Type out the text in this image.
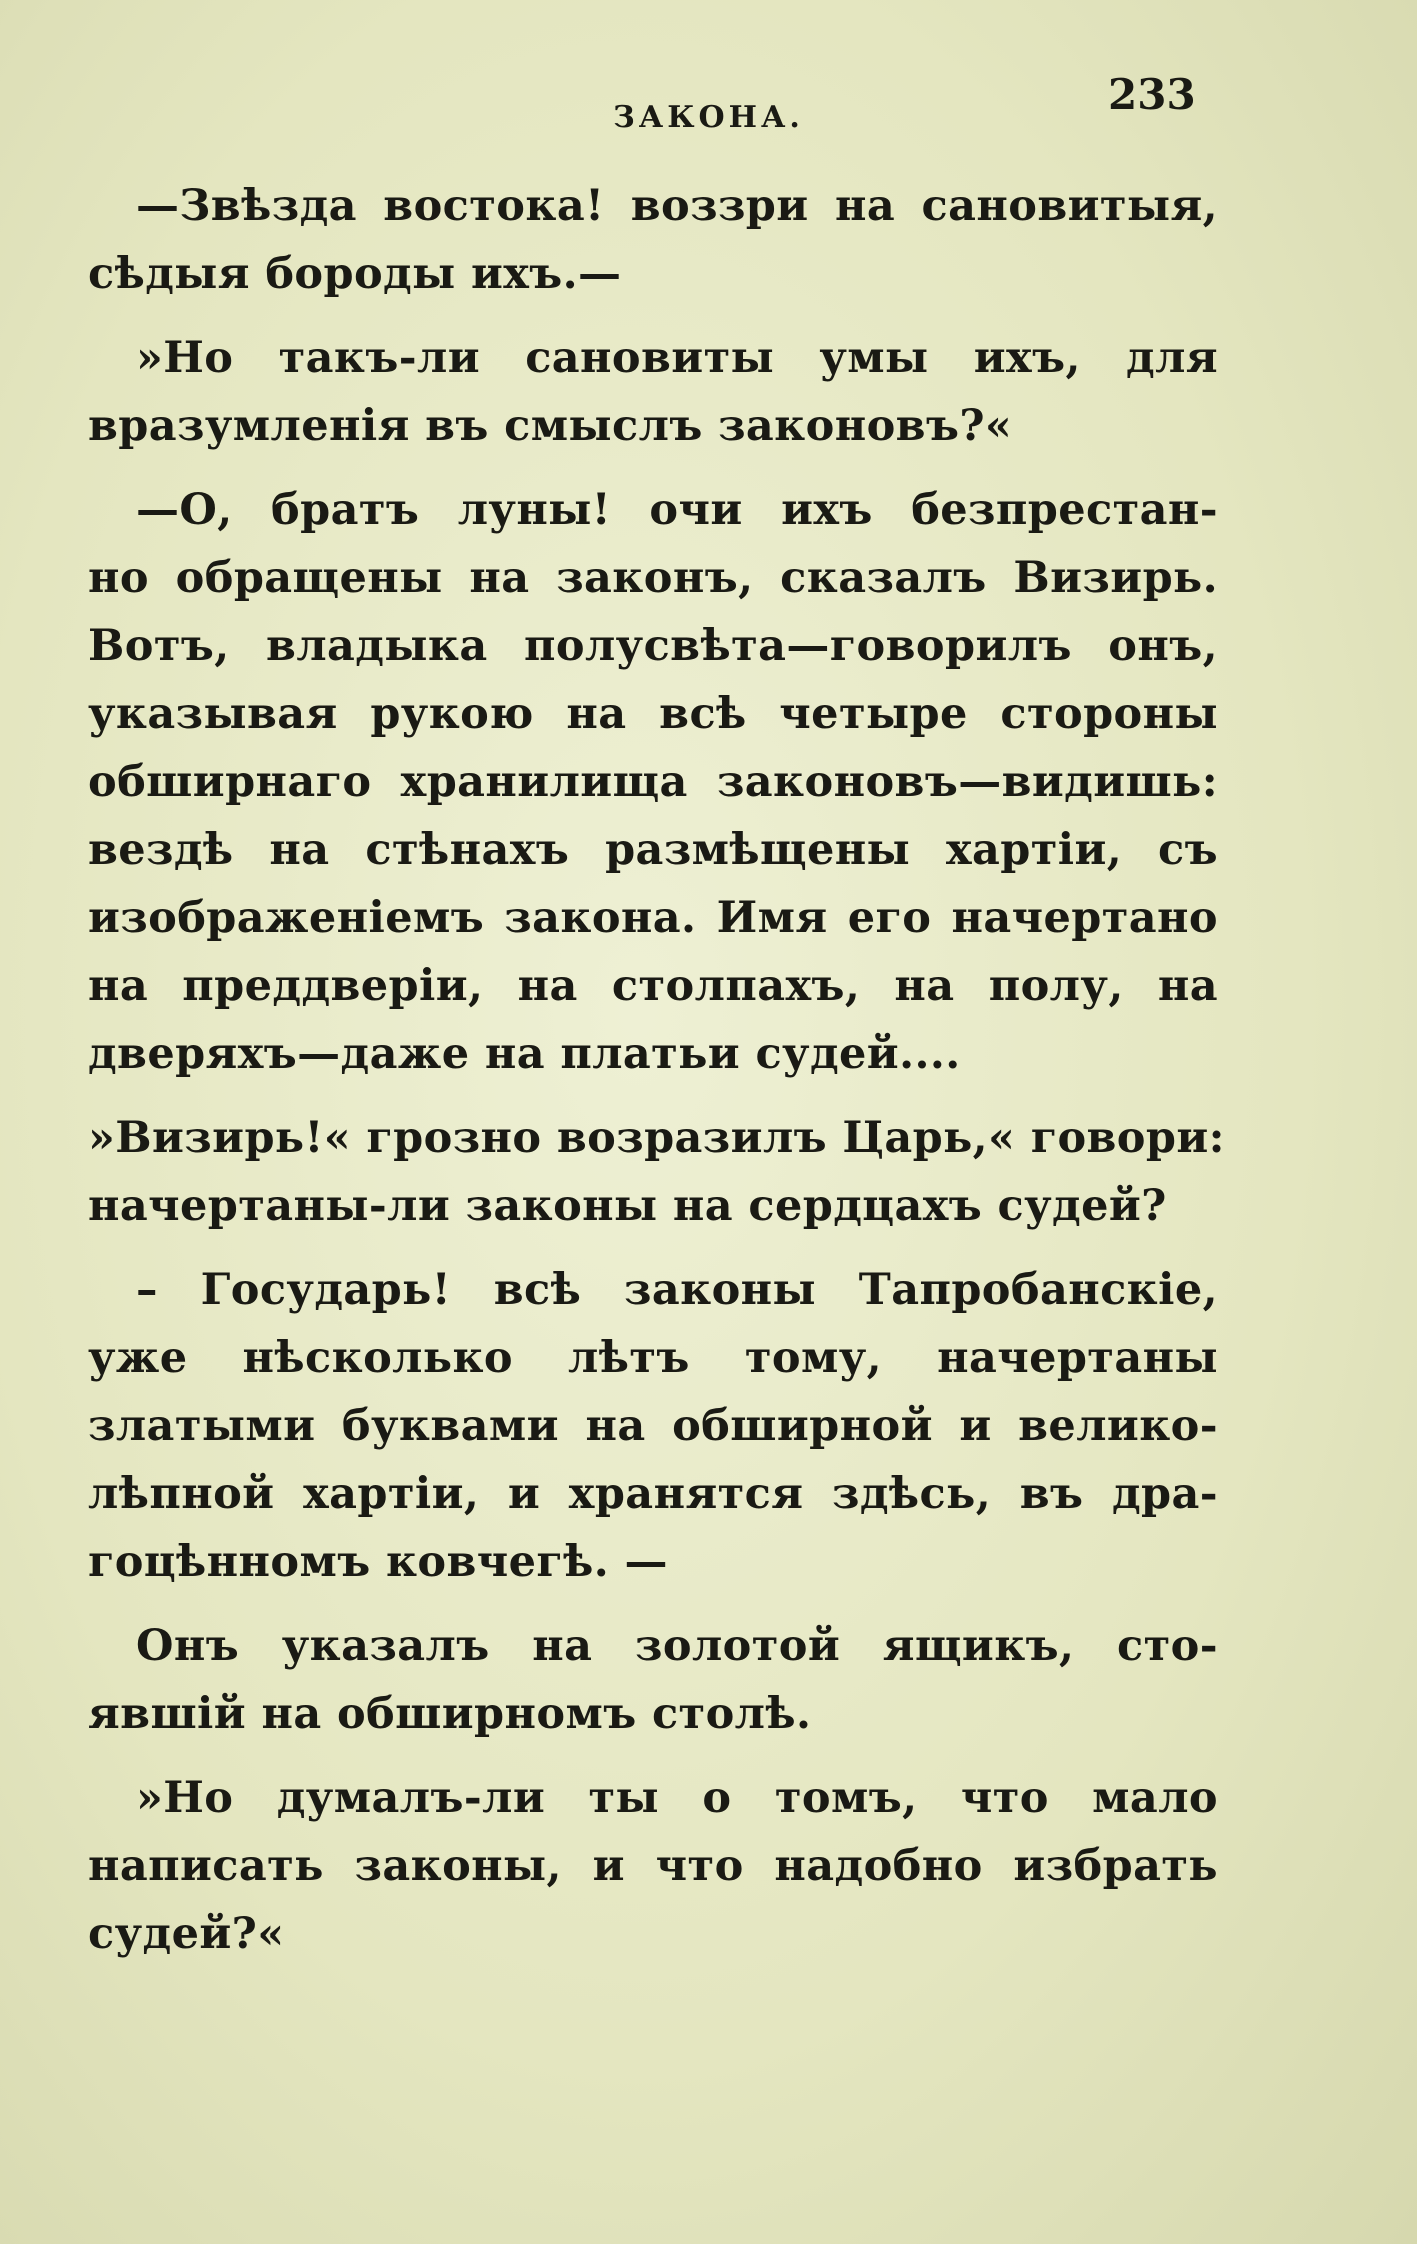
ЗАКОНА.	233
—Звѣзда востока! воззри на сановитыя,
сѣдыя бороды ихъ.—
»Но такъ-ли сановиты умы ихъ, для
вразумленія въ смыслъ законовъ?«
—О, братъ луны! очи ихъ безпрестан-
но обращены на законъ, сказалъ Визирь.
Вотъ, владыка полусвѣта—говорилъ онъ,
указывая рукою на всѣ четыре стороны
обширнаго хранилища законовъ—видишь:
вездѣ на стѣнахъ размѣщены хартіи, съ
изображеніемъ закона. Имя его начертано
на преддверіи, на столпахъ, на полу, на
дверяхъ—даже на платьи судей....
»Визирь!« грозно возразилъ Царь,« говори:
начертаны-ли законы на сердцахъ судей?
– Государь! всѣ законы Тапробанскіе,
уже нѣсколько лѣтъ тому, начертаны
златыми буквами на обширной и велико-
лѣпной хартіи, и хранятся здѣсь, въ дра-
гоцѣнномъ ковчегѣ. —
Онъ указалъ на золотой ящикъ, сто-
явшій на обширномъ столѣ.
»Но думалъ-ли ты о томъ, что мало
написать законы, и что надобно избрать
судей?«
